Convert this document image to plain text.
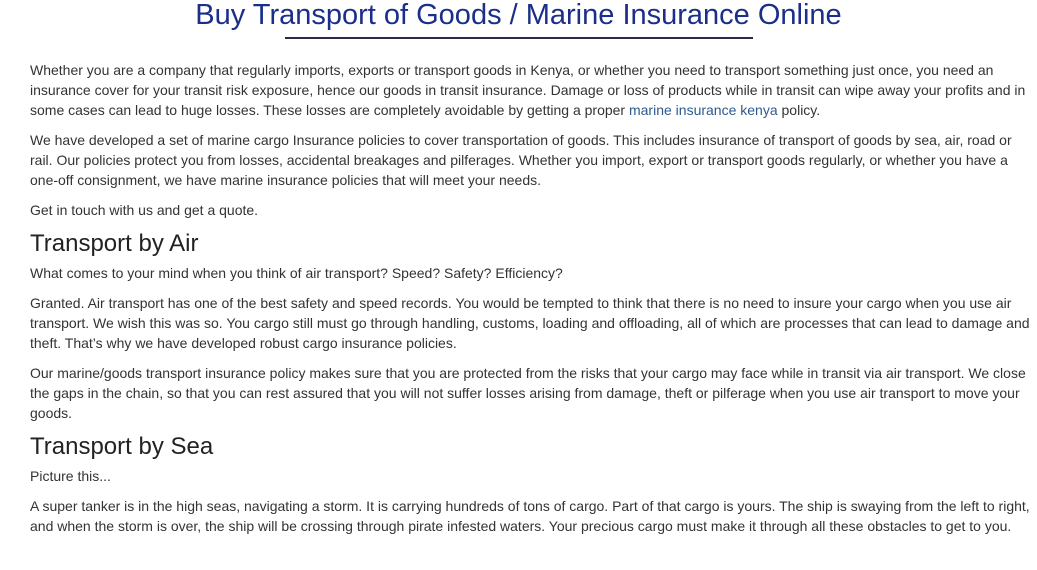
Buy Transport of Goods / Marine Insurance Online

Whether you are a company that regularly imports, exports or transport goods in Kenya, or whether you need to transport something just once, you need an insurance cover for your transit risk exposure, hence our goods in transit insurance. Damage or loss of products while in transit can wipe away your profits and in some cases can lead to huge losses. These losses are completely avoidable by getting a proper marine insurance kenya policy.

We have developed a set of marine cargo Insurance policies to cover transportation of goods. This includes insurance of transport of goods by sea, air, road or rail. Our policies protect you from losses, accidental breakages and pilferages. Whether you import, export or transport goods regularly, or whether you have a one-off consignment, we have marine insurance policies that will meet your needs.

Get in touch with us and get a quote.

Transport by Air

What comes to your mind when you think of air transport? Speed? Safety? Efficiency?

Granted. Air transport has one of the best safety and speed records. You would be tempted to think that there is no need to insure your cargo when you use air transport. We wish this was so. You cargo still must go through handling, customs, loading and offloading, all of which are processes that can lead to damage and theft. That’s why we have developed robust cargo insurance policies.

Our marine/goods transport insurance policy makes sure that you are protected from the risks that your cargo may face while in transit via air transport. We close the gaps in the chain, so that you can rest assured that you will not suffer losses arising from damage, theft or pilferage when you use air transport to move your goods.

Transport by Sea

Picture this...

A super tanker is in the high seas, navigating a storm. It is carrying hundreds of tons of cargo. Part of that cargo is yours. The ship is swaying from the left to right, and when the storm is over, the ship will be crossing through pirate infested waters. Your precious cargo must make it through all these obstacles to get to you.
